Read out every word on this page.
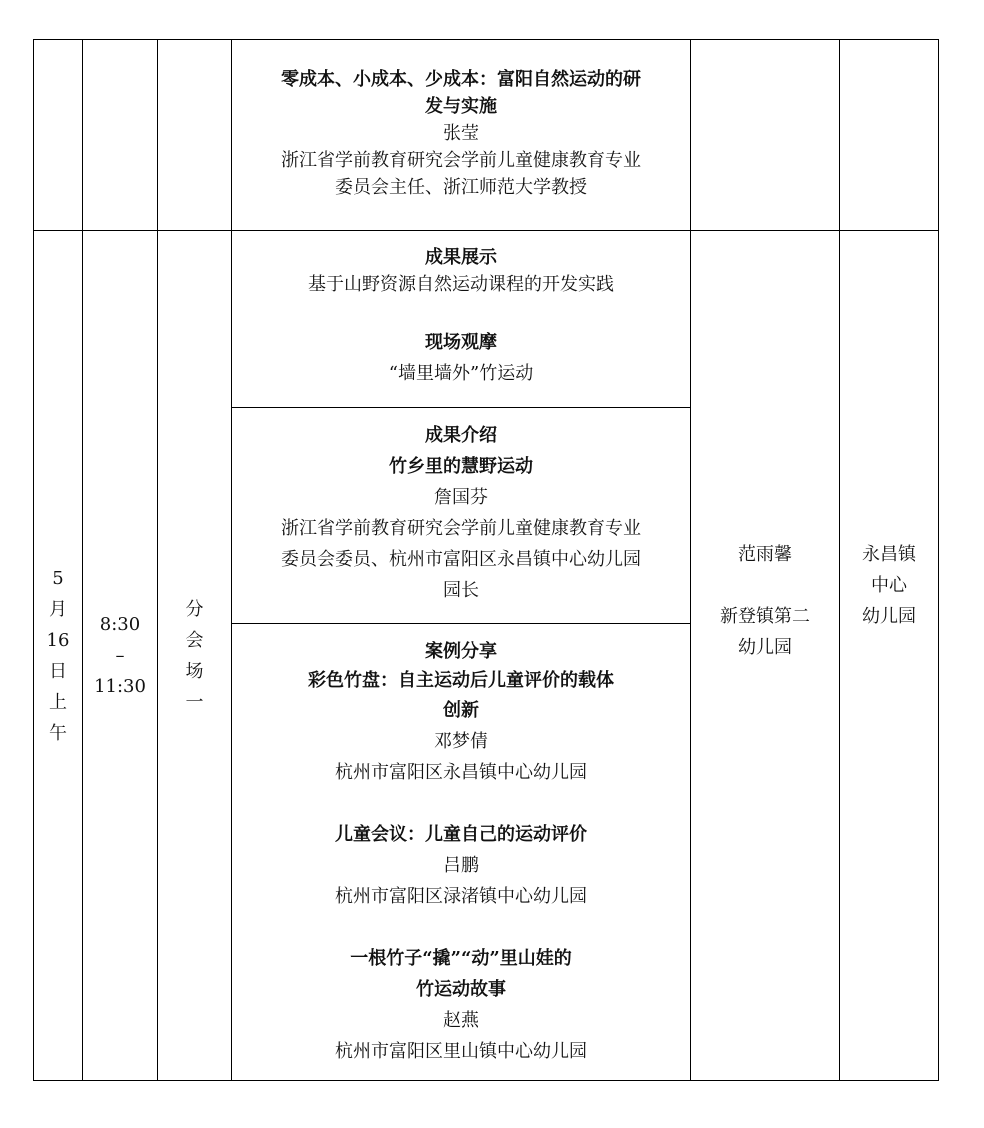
零成本、小成本、少成本：富阳自然运动的研
发与实施
张莹
浙江省学前教育研究会学前儿童健康教育专业
委员会主任、浙江师范大学教授
5
月
16
日
上
午
8:30
–
11:30
分
会
场
一
成果展示
基于山野资源自然运动课程的开发实践
现场观摩
“墙里墙外”竹运动
成果介绍
竹乡里的慧野运动
詹国芬
浙江省学前教育研究会学前儿童健康教育专业
委员会委员、杭州市富阳区永昌镇中心幼儿园
园长
案例分享
彩色竹盘：自主运动后儿童评价的载体
创新
邓梦倩
杭州市富阳区永昌镇中心幼儿园
儿童会议：儿童自己的运动评价
吕鹏
杭州市富阳区渌渚镇中心幼儿园
一根竹子“撬”“动”里山娃的
竹运动故事
赵燕
杭州市富阳区里山镇中心幼儿园
范雨馨
新登镇第二
幼儿园
永昌镇
中心
幼儿园
